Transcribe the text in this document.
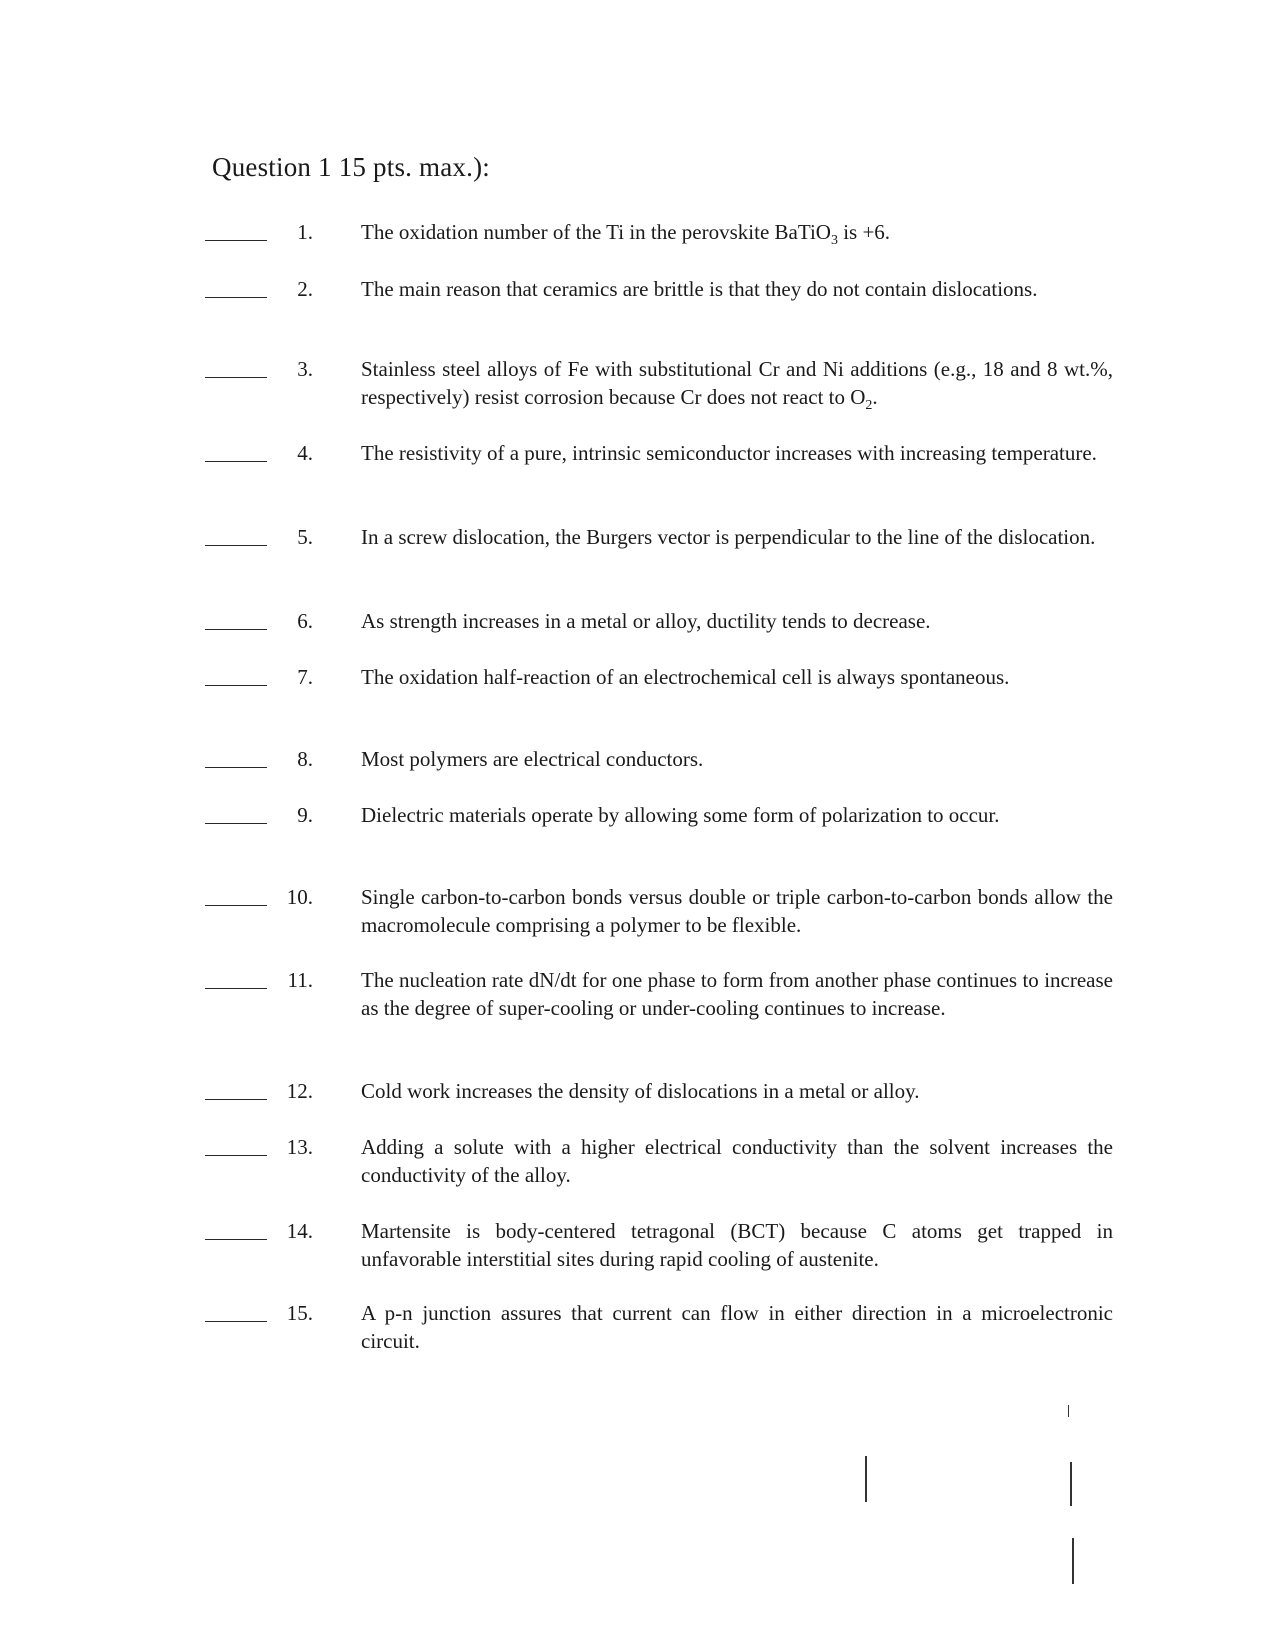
Question 1 15 pts. max.):
1. The oxidation number of the Ti in the perovskite BaTiO$_3$ is +6.
2. The main reason that ceramics are brittle is that they do not contain dislocations.
3. Stainless steel alloys of Fe with substitutional Cr and Ni additions (e.g., 18 and 8 wt.%, respectively) resist corrosion because Cr does not react to $O_2$.
4. The resistivity of a pure, intrinsic semiconductor increases with increasing temperature.
5. In a screw dislocation, the Burgers vector is perpendicular to the line of the dislocation.
6. As strength increases in a metal or alloy, ductility tends to decrease.
7. The oxidation half-reaction of an electrochemical cell is always spontaneous.
8. Most polymers are electrical conductors.
9. Dielectric materials operate by allowing some form of polarization to occur.
10. Single carbon-to-carbon bonds versus double or triple carbon-to-carbon bonds allow the macromolecule comprising a polymer to be flexible.
11. The nucleation rate dN/dt for one phase to form from another phase continues to increase as the degree of super-cooling or under-cooling continues to increase.
12. Cold work increases the density of dislocations in a metal or alloy.
13. Adding a solute with a higher electrical conductivity than the solvent increases the conductivity of the alloy.
14. Martensite is body-centered tetragonal (BCT) because C atoms get trapped in unfavorable interstitial sites during rapid cooling of austenite.
15. A p-n junction assures that current can flow in either direction in a microelectronic circuit.
